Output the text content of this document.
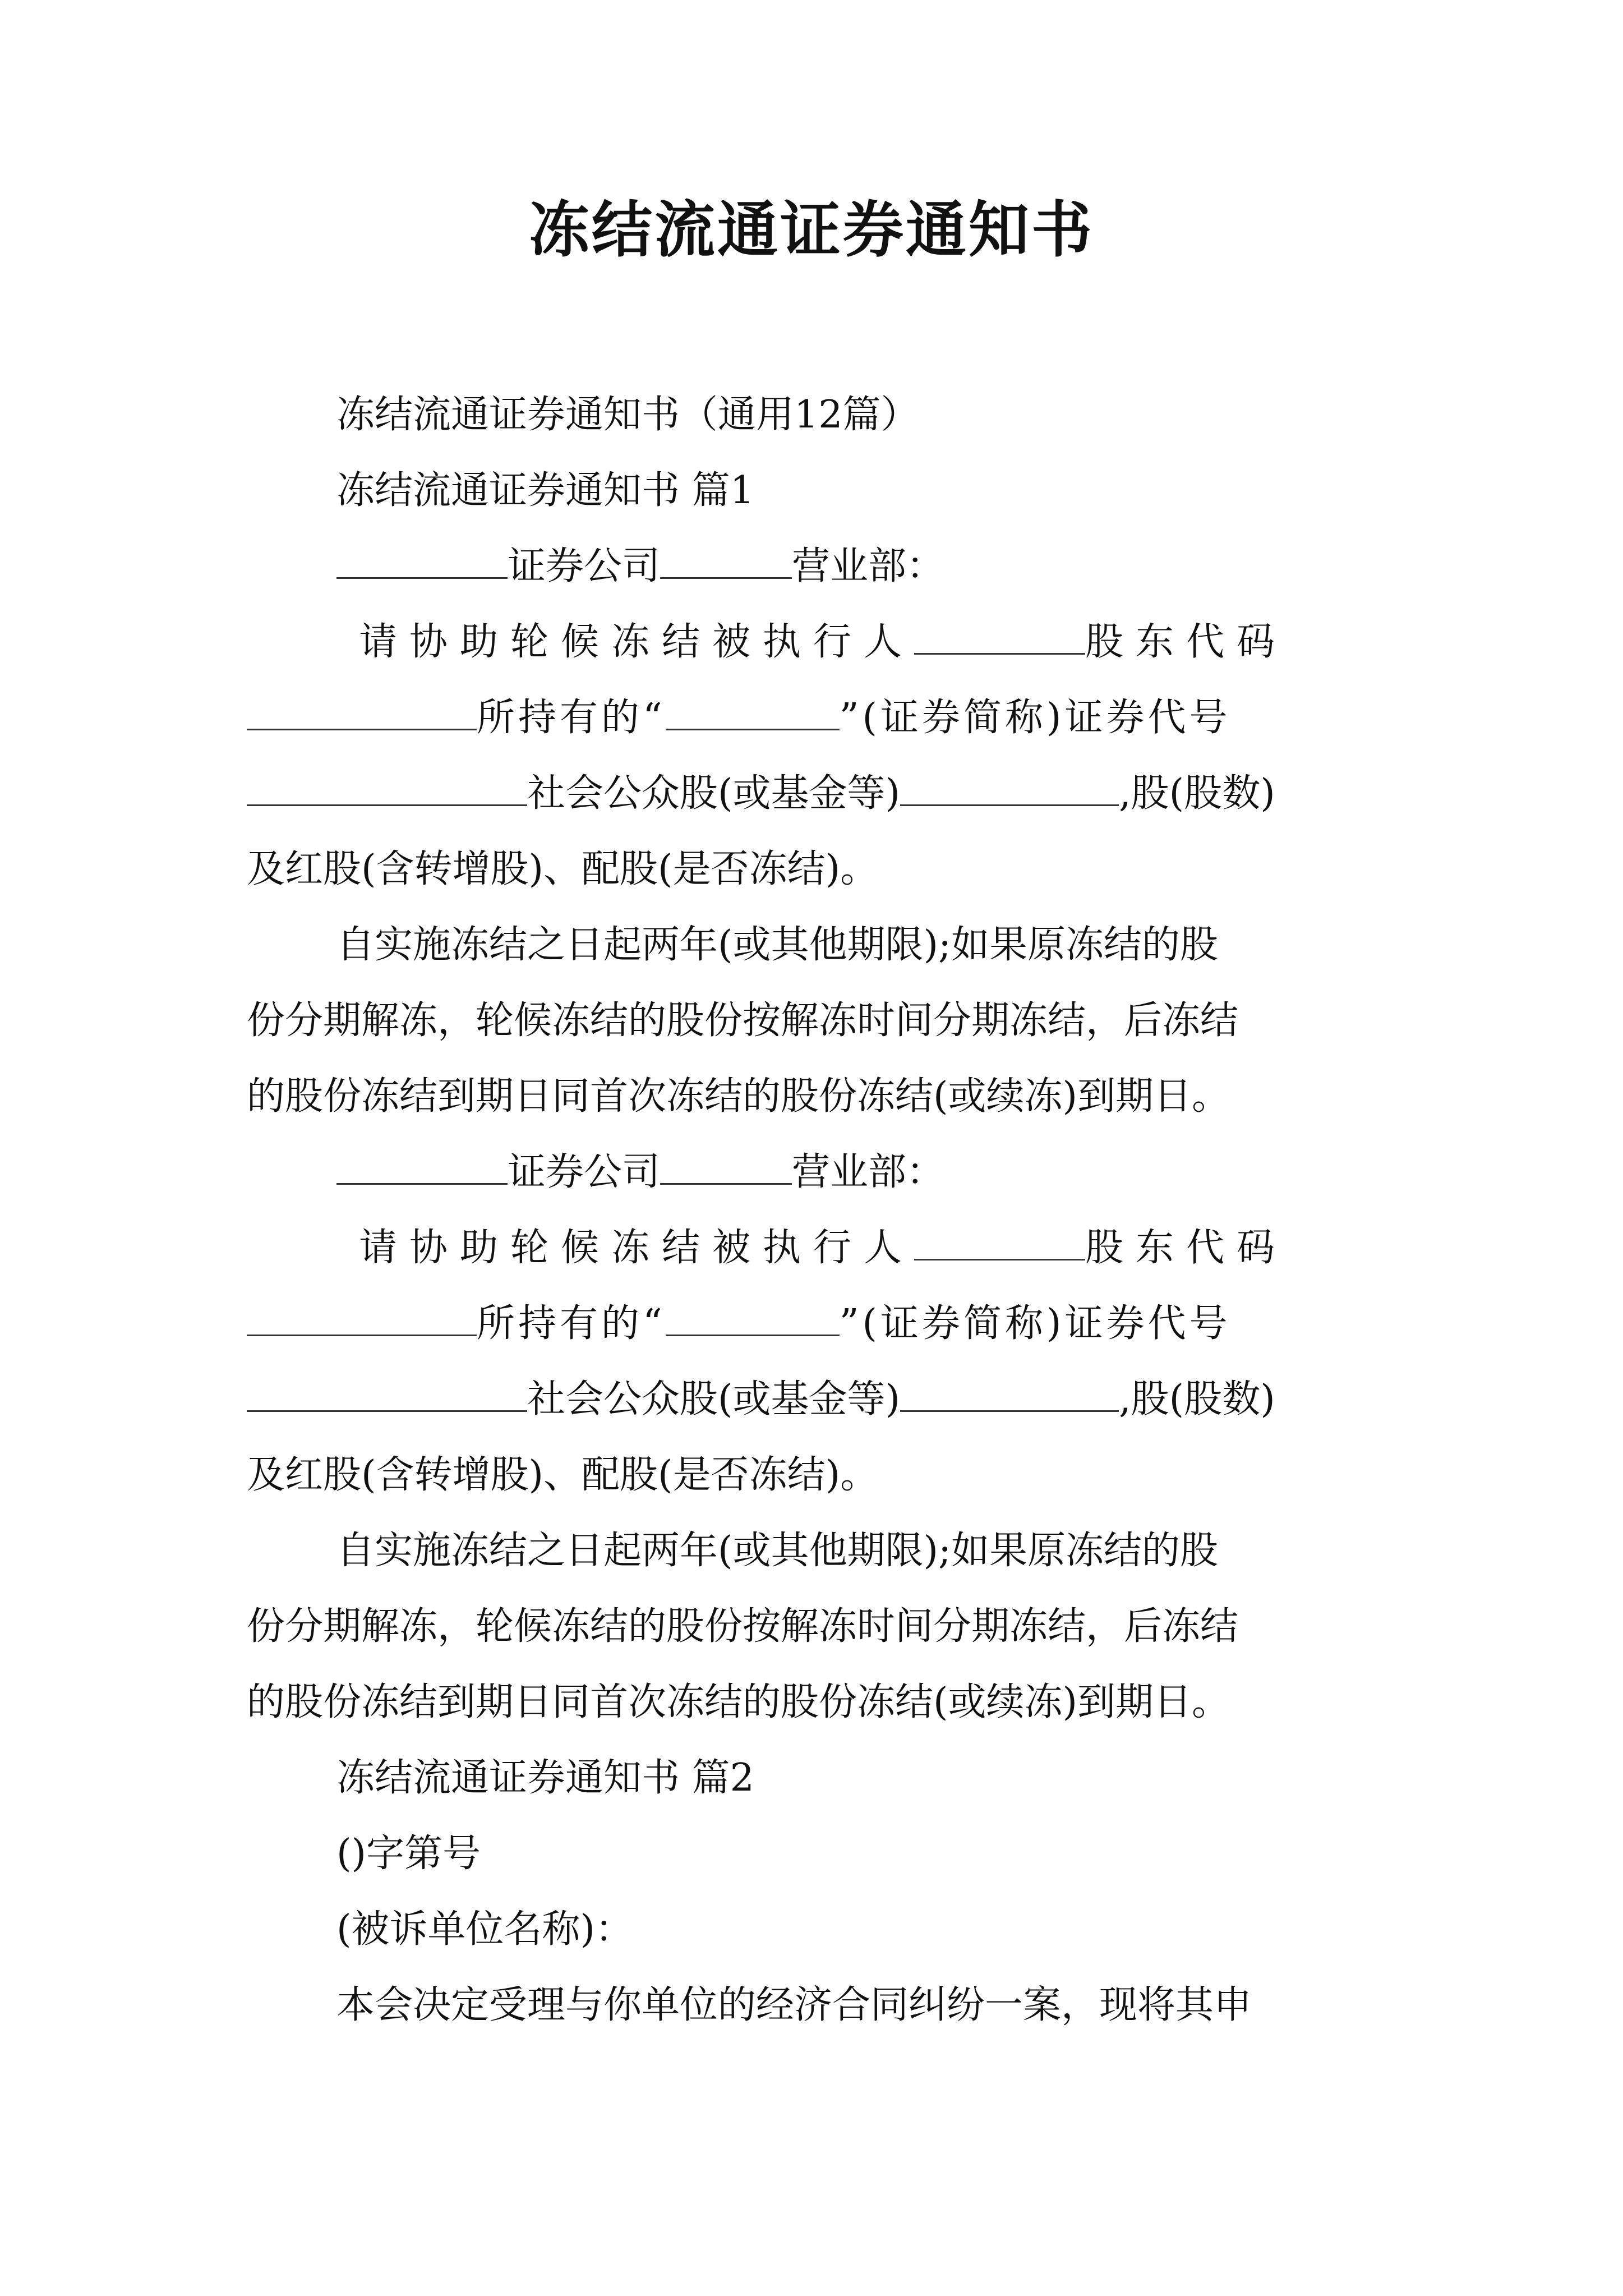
冻结流通证券通知书
冻结流通证券通知书（通用12篇）
冻结流通证券通知书 篇1
证券公司	营业部：
请协助轮候冻结被执行人	股东代码
所持有的“	”(证券简称)证券代号
社会公众股(或基金等)	,股(股数)
及红股(含转增股)、配股(是否冻结)。
自实施冻结之日起两年(或其他期限);如果原冻结的股
份分期解冻，轮候冻结的股份按解冻时间分期冻结，后冻结
的股份冻结到期日同首次冻结的股份冻结(或续冻)到期日。
证券公司	营业部：
请协助轮候冻结被执行人	股东代码
所持有的“	”(证券简称)证券代号
社会公众股(或基金等)	,股(股数)
及红股(含转增股)、配股(是否冻结)。
自实施冻结之日起两年(或其他期限);如果原冻结的股
份分期解冻，轮候冻结的股份按解冻时间分期冻结，后冻结
的股份冻结到期日同首次冻结的股份冻结(或续冻)到期日。
冻结流通证券通知书 篇2
()字第号
(被诉单位名称)：
本会决定受理与你单位的经济合同纠纷一案，现将其申
